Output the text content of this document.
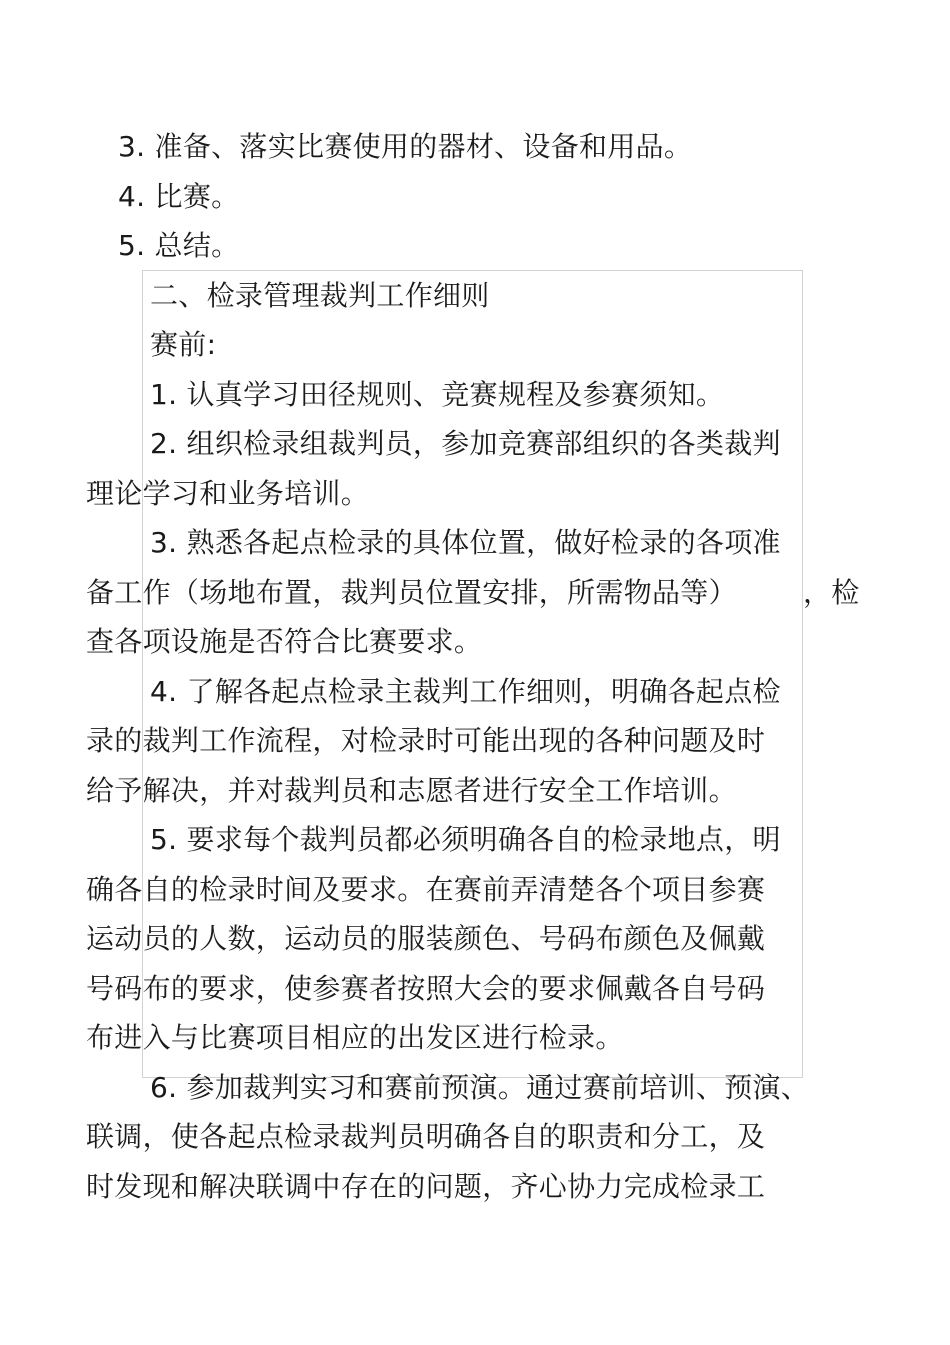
3. 准备、落实比赛使用的器材、设备和用品。
4. 比赛。
5. 总结。
二、检录管理裁判工作细则
赛前:
1. 认真学习田径规则、竞赛规程及参赛须知。
2. 组织检录组裁判员，参加竞赛部组织的各类裁判
理论学习和业务培训。
3. 熟悉各起点检录的具体位置，做好检录的各项准
备工作（场地布置，裁判员位置安排，所需物品等） ，检
查各项设施是否符合比赛要求。
4. 了解各起点检录主裁判工作细则，明确各起点检
录的裁判工作流程，对检录时可能出现的各种问题及时
给予解决，并对裁判员和志愿者进行安全工作培训。
5. 要求每个裁判员都必须明确各自的检录地点，明
确各自的检录时间及要求。在赛前弄清楚各个项目参赛
运动员的人数，运动员的服装颜色、号码布颜色及佩戴
号码布的要求，使参赛者按照大会的要求佩戴各自号码
布进入与比赛项目相应的出发区进行检录。
6. 参加裁判实习和赛前预演。通过赛前培训、预演、
联调，使各起点检录裁判员明确各自的职责和分工，及
时发现和解决联调中存在的问题，齐心协力完成检录工
